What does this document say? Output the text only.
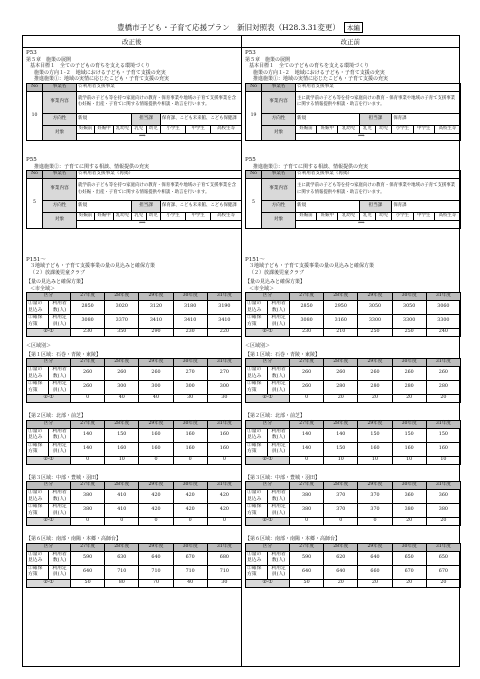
豊橋市子ども・子育て応援プラン　新旧対照表（H28.3.31変更） 本編
改正後	改正前
P53
第５章　施策の展開
基本目標１　全ての子どもの育ちを支える環境づくり
施策の方向１-２　地域における子ども・子育て支援の充実
推進施策①：地域の実情に応じたこども・子育て支援の充実
No	事業名	☆利用者支援事業							
10	事業内容	就学前の子ども等を持つ家庭向けの教育・保育事業や地域の子育て支援事業を含む妊娠・出産・子育てに関する情報提供や相談・助言を行います。							
	方向性	新規			担当課		保育課、こども未来館、こども保健課		
	対象	妊娠前	妊娠中	乳幼児	乳児	幼児	小学生	中学生	高校生等
		⟺							
P55
推進施策②：子育てに関する相談、情報提供の充実
No	事業名	☆利用者支援事業（再掲）							
5	事業内容	就学前の子ども等を持つ家庭向けの教育・保育事業や地域の子育て支援事業を含む妊娠・出産・子育てに関する情報提供や相談・助言を行います。							
	方向性	新規			担当課		保育課、こども未来館、こども保健課		
	対象	妊娠前	妊娠中	乳幼児	乳児	幼児	小学生	中学生	高校生等
		⟺							
P151〜
３地域子ども・子育て支援事業の量の見込みと確保方策
（２）放課後児童クラブ
【量の見込みと確保方策】
＜市全域＞
区分		27年度	28年度	29年度	30年度	31年度
①量の見込み	利用者数(人)	2850	3020	3120	3180	3190
②確保方策	利用定員(人)	3080	3370	3410	3410	3410
②-①		230	350	290	230	220
＜区域別＞
【第１区域：石巻・青陵・東陵】
区分		27年度	28年度	29年度	30年度	31年度
①量の見込み	利用者数(人)	260	260	260	270	270
②確保方策	利用定員(人)	260	300	300	300	300
②-①		0	40	40	30	30
【第２区域：北部・前芝】
区分		27年度	28年度	29年度	30年度	31年度
①量の見込み	利用者数(人)	140	150	160	160	160
②確保方策	利用定員(人)	140	160	160	160	160
②-①		0	10	0	0	0
【第３区域：中部・豊城・羽田】
区分		27年度	28年度	29年度	30年度	31年度
①量の見込み	利用者数(人)	380	410	420	420	420
②確保方策	利用定員(人)	380	410	420	420	420
②-①		0	0	0	0	0
【第６区域：南部・南陽・本郷・高師台】
区分		27年度	28年度	29年度	30年度	31年度
①量の見込み	利用者数(人)	590	630	640	670	680
②確保方策	利用定員(人)	640	710	710	710	710
②-①		50	80	70	40	30
P53
第５章　施策の展開
基本目標１　全ての子どもの育ちを支える環境づくり
施策の方向１-２　地域における子ども・子育て支援の充実
推進施策①：地域の実情に応じたこども・子育て支援の充実
No	事業名	☆利用者支援事業							
19	事業内容	主に就学前の子ども等を持つ家庭向けの教育・保育事業や地域の子育て支援事業に関する情報提供や相談・助言を行います。							
	方向性	新規			担当課		保育課		
	対象	妊娠前	妊娠中	乳幼児	乳児	幼児	小学生	中学生	高校生等
		⟺							
P55
推進施策②：子育てに関する相談、情報提供の充実
No	事業名	☆利用者支援事業（再掲）							
5	事業内容	主に就学前の子ども等を持つ家庭向けの教育・保育事業や地域の子育て支援事業に関する情報提供や相談・助言を行います。							
	方向性	新規			担当課		保育課		
	対象	妊娠前	妊娠中	乳幼児	乳児	幼児	小学生	中学生	高校生等
		⟺							
P151〜
３地域子ども・子育て支援事業の量の見込みと確保方策
（２）放課後児童クラブ
【量の見込みと確保方策】
＜市全域＞
区分		27年度	28年度	29年度	30年度	31年度
①量の見込み	利用者数(人)	2850	2950	3050	3050	3060
②確保方策	利用定員(人)	3080	3160	3300	3300	3300
②-①		230	210	250	250	240
＜区域別＞
【第１区域：石巻・青陵・東陵】
区分		27年度	28年度	29年度	30年度	31年度
①量の見込み	利用者数(人)	260	260	260	260	260
②確保方策	利用定員(人)	260	280	280	280	280
②-①		0	20	20	20	20
【第２区域：北部・前芝】
区分		27年度	28年度	29年度	30年度	31年度
①量の見込み	利用者数(人)	140	140	150	150	150
②確保方策	利用定員(人)	140	150	160	160	160
②-①		0	10	10	10	10
【第３区域：中部・豊城・羽田】
区分		27年度	28年度	29年度	30年度	31年度
①量の見込み	利用者数(人)	380	370	370	360	360
②確保方策	利用定員(人)	380	370	370	380	380
②-①		0	0	0	20	20
【第６区域：南部・南陽・本郷・高師台】
区分		27年度	28年度	29年度	30年度	31年度
①量の見込み	利用者数(人)	590	620	640	650	650
②確保方策	利用定員(人)	640	640	660	670	670
②-①		50	20	20	20	20
